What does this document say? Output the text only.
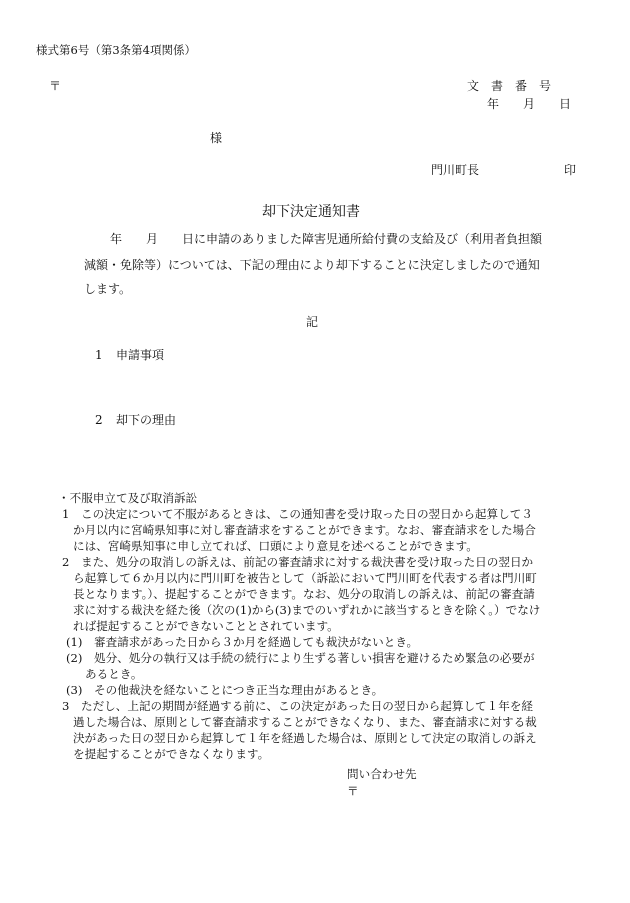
様式第6号（第3条第4項関係）
〒	文　書　番　号
年　　月　　日
様
門川町長	印
却下決定通知書
年　　月　　日に申請のありました障害児通所給付費の支給及び（利用者負担額
減額・免除等）については、下記の理由により却下することに決定しましたので通知
します。
記
1 申請事項
2 却下の理由
・不服申立て及び取消訴訟
1　この決定について不服があるときは、この通知書を受け取った日の翌日から起算して３
か月以内に宮崎県知事に対し審査請求をすることができます。なお、審査請求をした場合
には、宮崎県知事に申し立てれば、口頭により意見を述べることができます。
2　また、処分の取消しの訴えは、前記の審査請求に対する裁決書を受け取った日の翌日か
ら起算して６か月以内に門川町を被告として（訴訟において門川町を代表する者は門川町
長となります。）、提起することができます。なお、処分の取消しの訴えは、前記の審査請
求に対する裁決を経た後（次の(1)から(3)までのいずれかに該当するときを除く。）でなけ
れば提起することができないこととされています。
(1)　審査請求があった日から３か月を経過しても裁決がないとき。
(2)　処分、処分の執行又は手続の続行により生ずる著しい損害を避けるため緊急の必要が
あるとき。
(3)　その他裁決を経ないことにつき正当な理由があるとき。
3　ただし、上記の期間が経過する前に、この決定があった日の翌日から起算して１年を経
過した場合は、原則として審査請求することができなくなり、また、審査請求に対する裁
決があった日の翌日から起算して１年を経過した場合は、原則として決定の取消しの訴え
を提起することができなくなります。
問い合わせ先
〒
